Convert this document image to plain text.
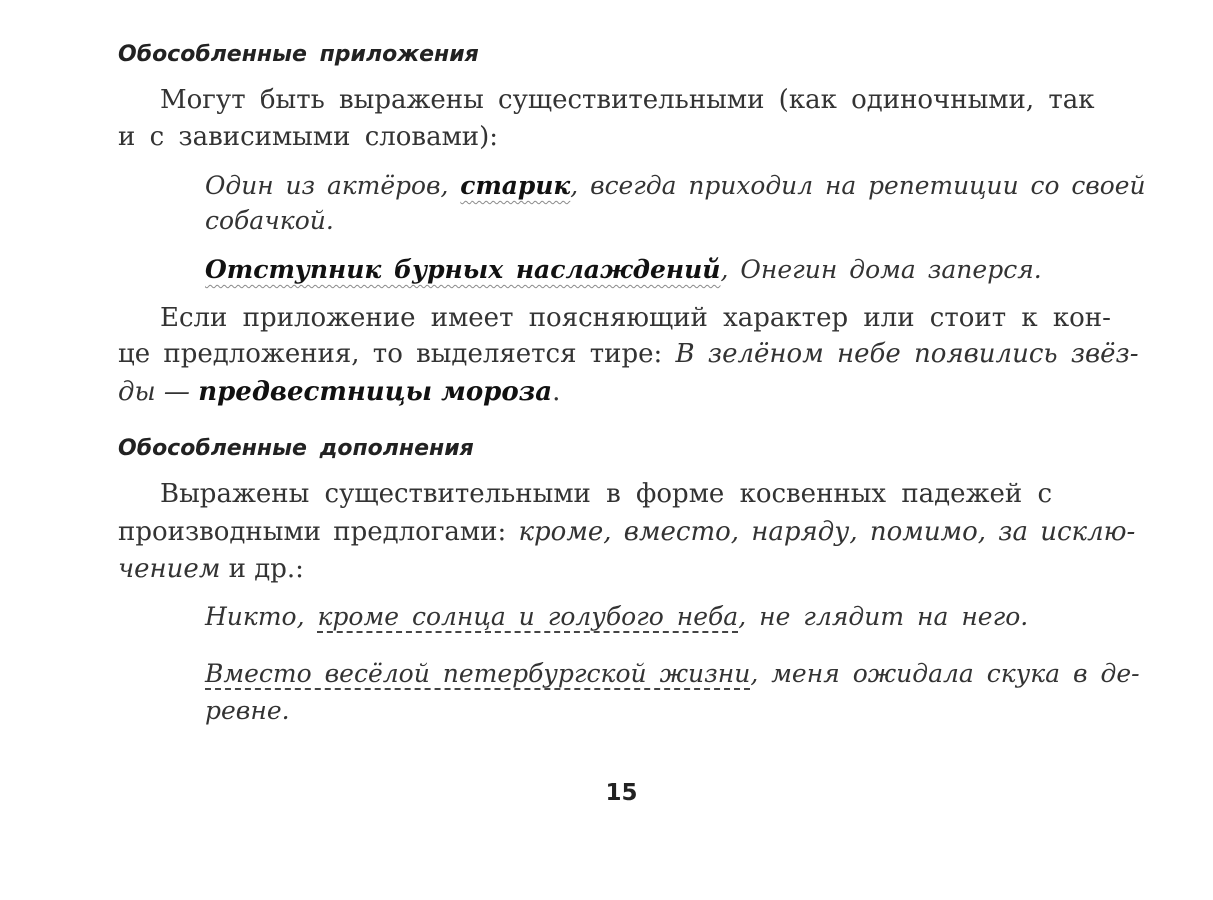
Обособленные приложения
Могут быть выражены существительными (как одиночными, так
и с зависимыми словами):
Один из актёров, старик, всегда приходил на репетиции со своей
собачкой.
Отступник бурных наслаждений, Онегин дома заперся.
Если приложение имеет поясняющий характер или стоит к кон-
це предложения, то выделяется тире: В зелёном небе появились звёз-
ды — предвестницы мороза.
Обособленные дополнения
Выражены существительными в форме косвенных падежей с
производными предлогами: кроме, вместо, наряду, помимо, за исклю-
чением и др.:
Никто, кроме солнца и голубого неба, не глядит на него.
Вместо весёлой петербургской жизни, меня ожидала скука в де-
ревне.
15
